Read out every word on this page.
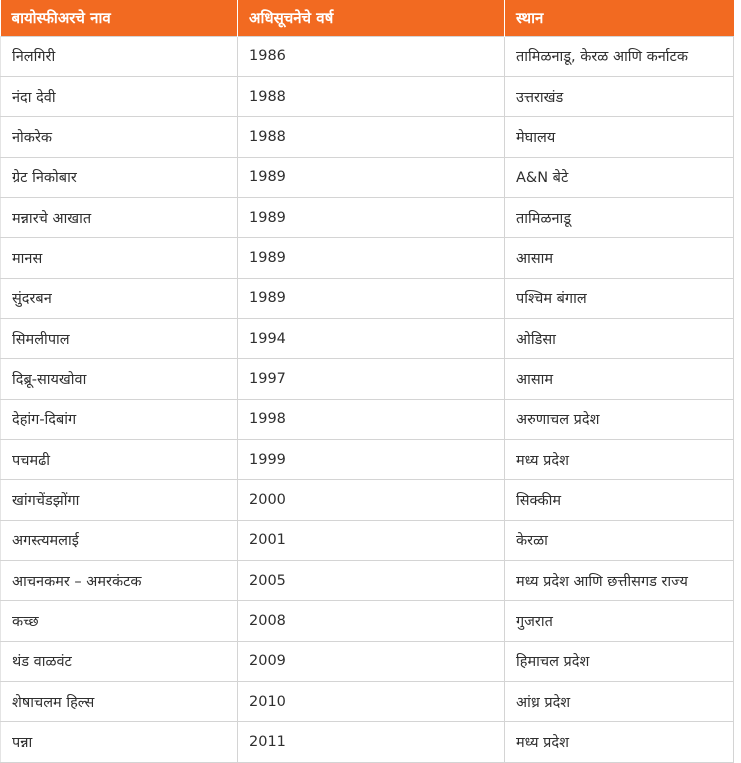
बायोस्फीअरचे नाव	अधिसूचनेचे वर्ष	स्थान
निलगिरी	1986	तामिळनाडू, केरळ आणि कर्नाटक
नंदा देवी	1988	उत्तराखंड
नोकरेक	1988	मेघालय
ग्रेट निकोबार	1989	A&N बेटे
मन्नारचे आखात	1989	तामिळनाडू
मानस	1989	आसाम
सुंदरबन	1989	पश्चिम बंगाल
सिमलीपाल	1994	ओडिसा
दिब्रू-सायखोवा	1997	आसाम
देहांग-दिबांग	1998	अरुणाचल प्रदेश
पचमढी	1999	मध्य प्रदेश
खांगचेंडझोंगा	2000	सिक्कीम
अगस्त्यमलाई	2001	केरळा
आचनकमर – अमरकंटक	2005	मध्य प्रदेश आणि छत्तीसगड राज्य
कच्छ	2008	गुजरात
थंड वाळवंट	2009	हिमाचल प्रदेश
शेषाचलम हिल्स	2010	आंध्र प्रदेश
पन्ना	2011	मध्य प्रदेश
